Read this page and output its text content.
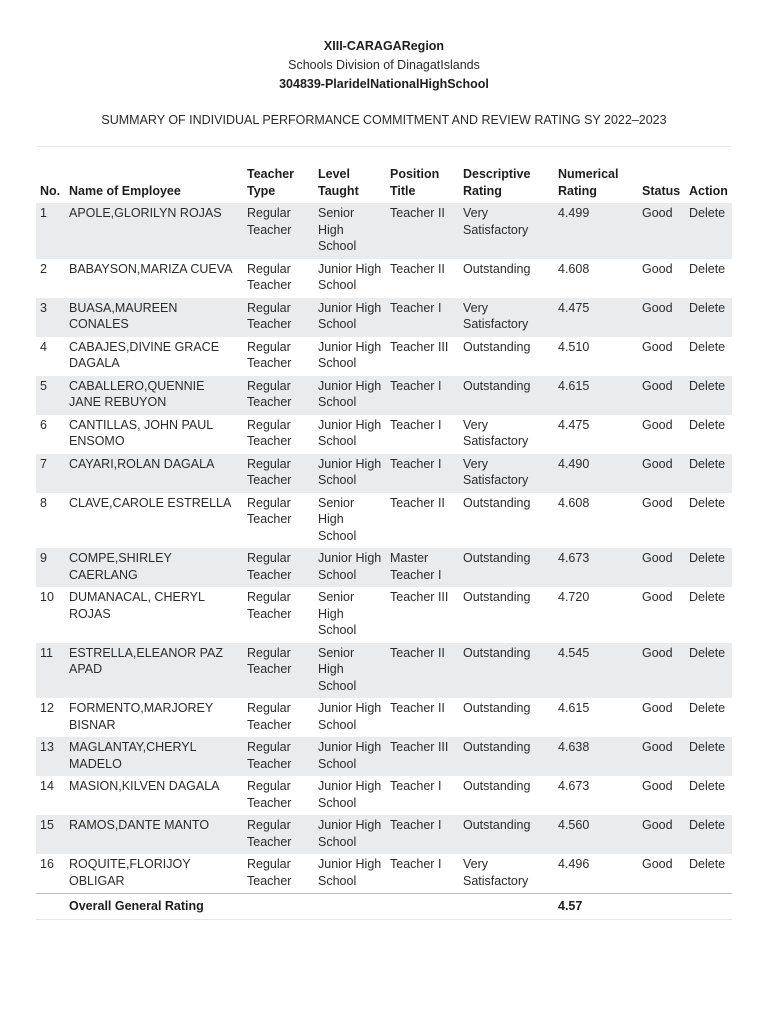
XIII-CARAGARegion
Schools Division of DinagatIslands
304839-PlaridelNationalHighSchool
SUMMARY OF INDIVIDUAL PERFORMANCE COMMITMENT AND REVIEW RATING SY 2022–2023
No.	Name of Employee	Teacher Type	Level Taught	Position Title	Descriptive Rating	Numerical Rating	Status	Action
1	APOLE,GLORILYN ROJAS	Regular Teacher	Senior High School	Teacher II	Very Satisfactory	4.499	Good	Delete
2	BABAYSON,MARIZA CUEVA	Regular Teacher	Junior High School	Teacher II	Outstanding	4.608	Good	Delete
3	BUASA,MAUREEN CONALES	Regular Teacher	Junior High School	Teacher I	Very Satisfactory	4.475	Good	Delete
4	CABAJES,DIVINE GRACE DAGALA	Regular Teacher	Junior High School	Teacher III	Outstanding	4.510	Good	Delete
5	CABALLERO,QUENNIE JANE REBUYON	Regular Teacher	Junior High School	Teacher I	Outstanding	4.615	Good	Delete
6	CANTILLAS, JOHN PAUL ENSOMO	Regular Teacher	Junior High School	Teacher I	Very Satisfactory	4.475	Good	Delete
7	CAYARI,ROLAN DAGALA	Regular Teacher	Junior High School	Teacher I	Very Satisfactory	4.490	Good	Delete
8	CLAVE,CAROLE ESTRELLA	Regular Teacher	Senior High School	Teacher II	Outstanding	4.608	Good	Delete
9	COMPE,SHIRLEY CAERLANG	Regular Teacher	Junior High School	Master Teacher I	Outstanding	4.673	Good	Delete
10	DUMANACAL, CHERYL ROJAS	Regular Teacher	Senior High School	Teacher III	Outstanding	4.720	Good	Delete
11	ESTRELLA,ELEANOR PAZ APAD	Regular Teacher	Senior High School	Teacher II	Outstanding	4.545	Good	Delete
12	FORMENTO,MARJOREY BISNAR	Regular Teacher	Junior High School	Teacher II	Outstanding	4.615	Good	Delete
13	MAGLANTAY,CHERYL MADELO	Regular Teacher	Junior High School	Teacher III	Outstanding	4.638	Good	Delete
14	MASION,KILVEN DAGALA	Regular Teacher	Junior High School	Teacher I	Outstanding	4.673	Good	Delete
15	RAMOS,DANTE MANTO	Regular Teacher	Junior High School	Teacher I	Outstanding	4.560	Good	Delete
16	ROQUITE,FLORIJOY OBLIGAR	Regular Teacher	Junior High School	Teacher I	Very Satisfactory	4.496	Good	Delete
	Overall General Rating					4.57		
